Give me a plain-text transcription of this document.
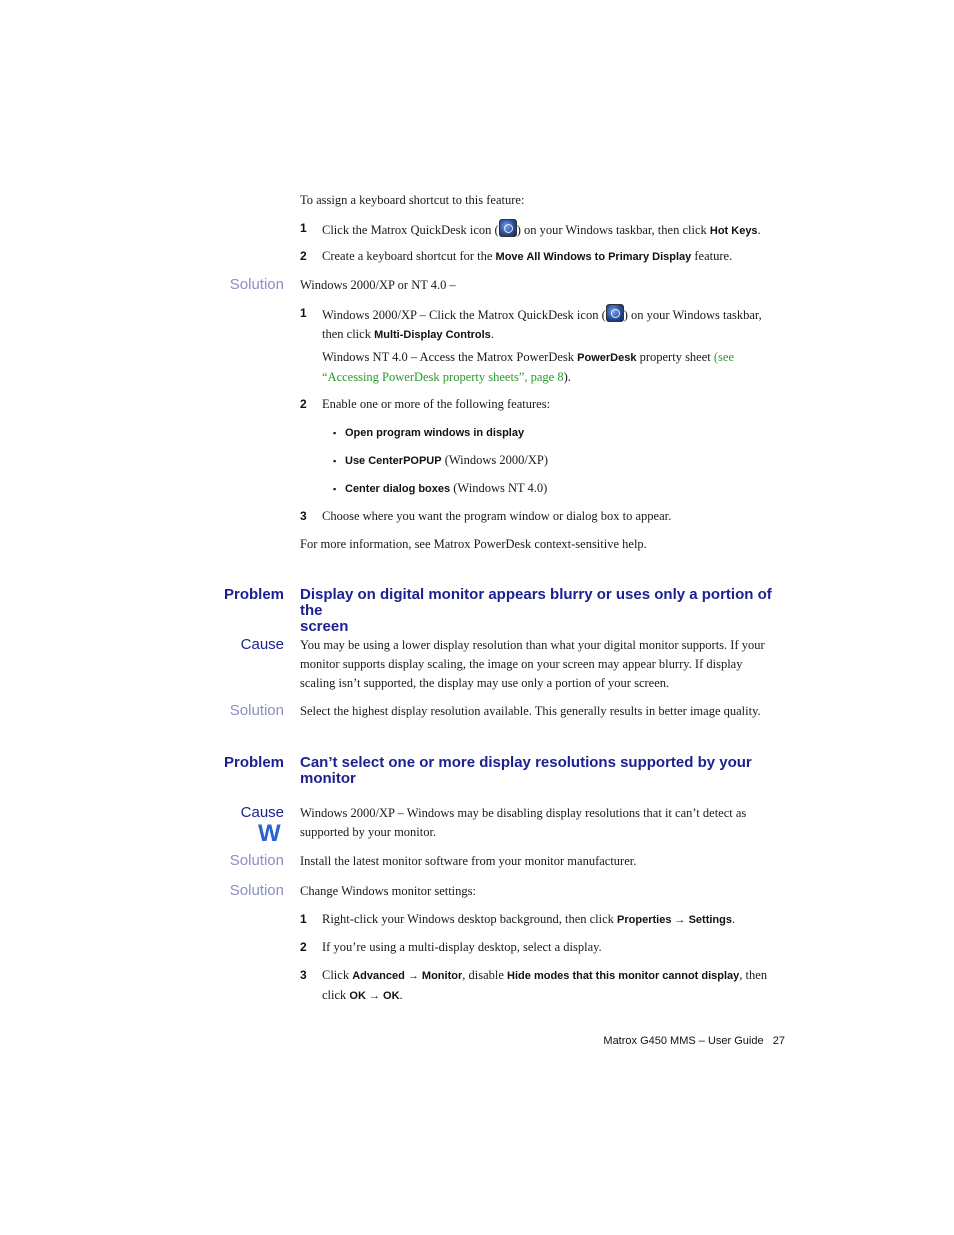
To assign a keyboard shortcut to this feature:
1	Click the Matrox QuickDesk icon ( ) on your Windows taskbar, then click Hot Keys.
2	Create a keyboard shortcut for the Move All Windows to Primary Display feature.
Solution Windows 2000/XP or NT 4.0 –
1	Windows 2000/XP – Click the Matrox QuickDesk icon ( ) on your Windows taskbar,
then click Multi-Display Controls.
Windows NT 4.0 – Access the Matrox PowerDesk PowerDesk property sheet (see
“Accessing PowerDesk property sheets”, page 8).
2	Enable one or more of the following features:
▪ Open program windows in display
▪ Use CenterPOPUP (Windows 2000/XP)
▪ Center dialog boxes (Windows NT 4.0)
3	Choose where you want the program window or dialog box to appear.
For more information, see Matrox PowerDesk context-sensitive help.
Problem Display on digital monitor appears blurry or uses only a portion of the
screen
Cause You may be using a lower display resolution than what your digital monitor supports. If your
monitor supports display scaling, the image on your screen may appear blurry. If display
scaling isn’t supported, the display may use only a portion of your screen.
Solution Select the highest display resolution available. This generally results in better image quality.
Problem Can’t select one or more display resolutions supported by your
monitor
Cause
W
Windows 2000/XP – Windows may be disabling display resolutions that it can’t detect as
supported by your monitor.
Solution Install the latest monitor software from your monitor manufacturer.
Solution Change Windows monitor settings:
1	Right-click your Windows desktop background, then click Properties → Settings.
2	If you’re using a multi-display desktop, select a display.
3	Click Advanced → Monitor, disable Hide modes that this monitor cannot display, then
click OK → OK.
Matrox G450 MMS – User Guide 27
